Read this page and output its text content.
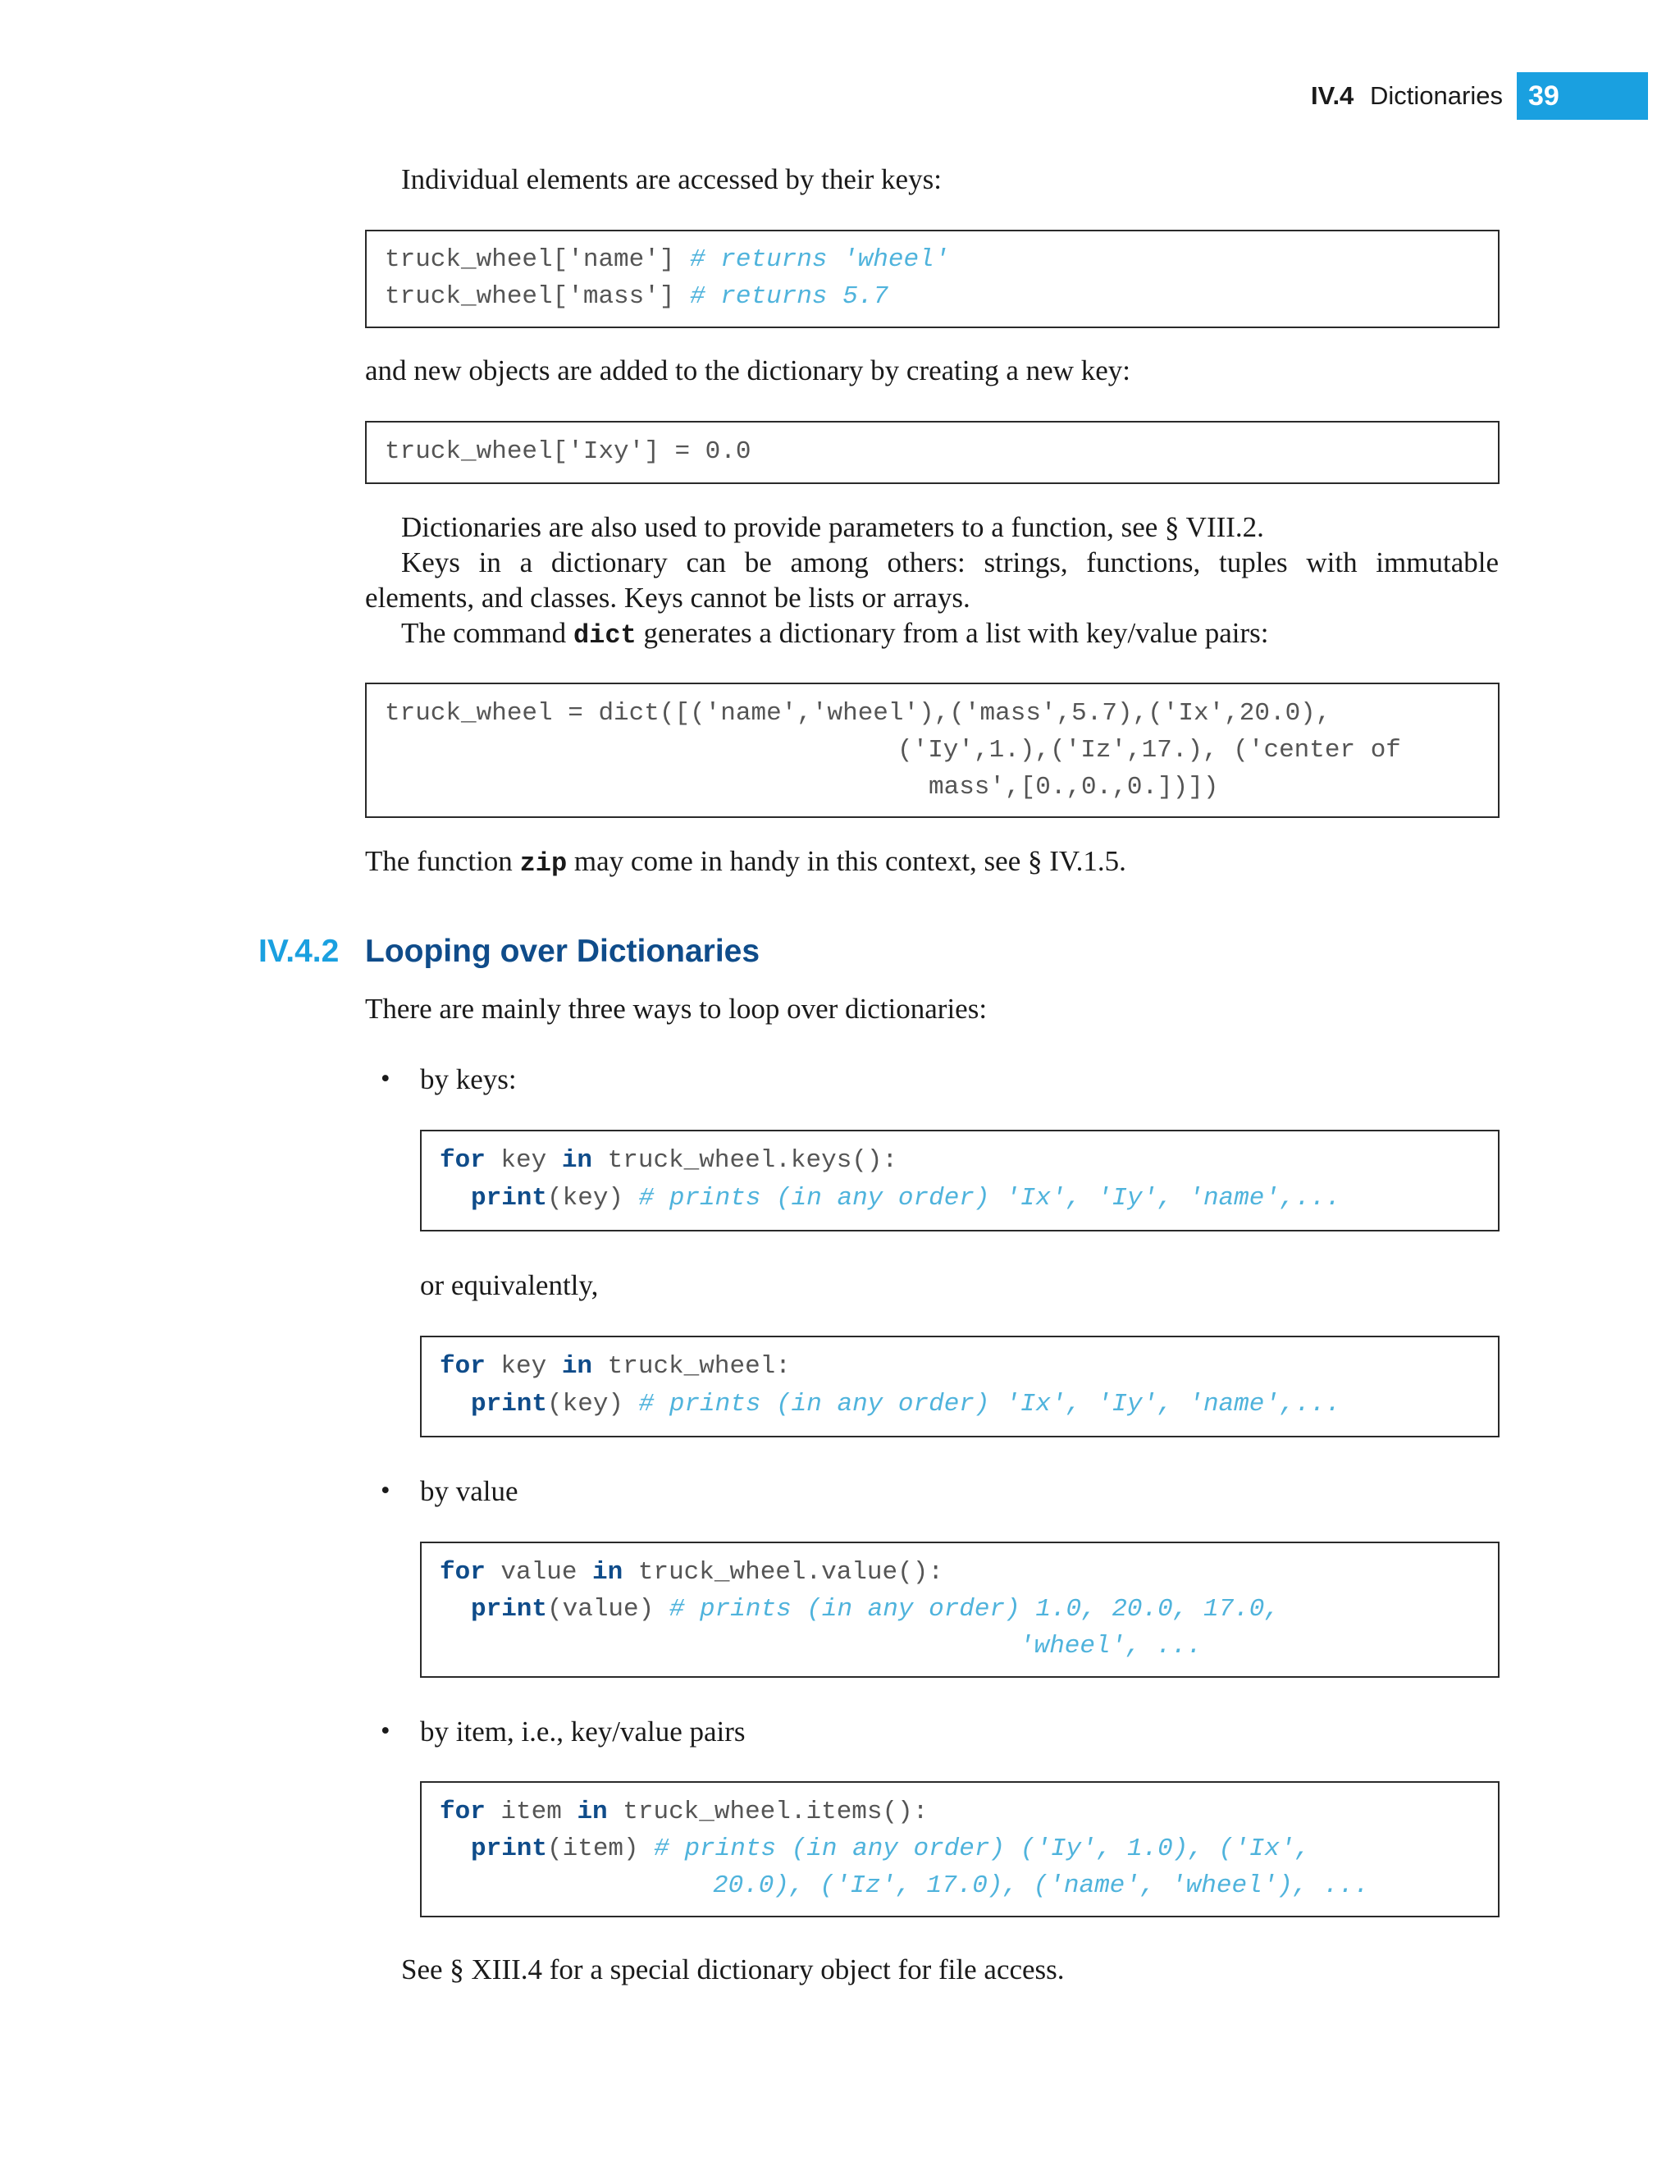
IV.4 Dictionaries 39
Individual elements are accessed by their keys:

truck_wheel['name'] # returns 'wheel'

truck_wheel['mass'] # returns 5.7

and new objects are added to the dictionary by creating a new key:

truck_wheel['Ixy'] = 0.0

Dictionaries are also used to provide parameters to a function, see § VIII.2.
Keys in a dictionary can be among others: strings, functions, tuples with immutable
elements, and classes. Keys cannot be lists or arrays.
The command dict generates a dictionary from a list with key/value pairs:

truck_wheel = dict([('name','wheel'),('mass',5.7),('Ix',20.0),

('Iy',1.),('Iz',17.), ('center of

mass',[0.,0.,0.])])

The function zip may come in handy in this context, see § IV.1.5.
IV.4.2 Looping over Dictionaries
There are mainly three ways to loop over dictionaries:
• by keys:

for key in truck_wheel.keys():

print(key) # prints (in any order) 'Ix', 'Iy', 'name',...

or equivalently,

for key in truck_wheel:

print(key) # prints (in any order) 'Ix', 'Iy', 'name',...

• by value

for value in truck_wheel.value():

print(value) # prints (in any order) 1.0, 20.0, 17.0,

'wheel', ...

• by item, i.e., key/value pairs

for item in truck_wheel.items():

print(item) # prints (in any order) ('Iy', 1.0), ('Ix',

20.0), ('Iz', 17.0), ('name', 'wheel'), ...

See § XIII.4 for a special dictionary object for file access.
